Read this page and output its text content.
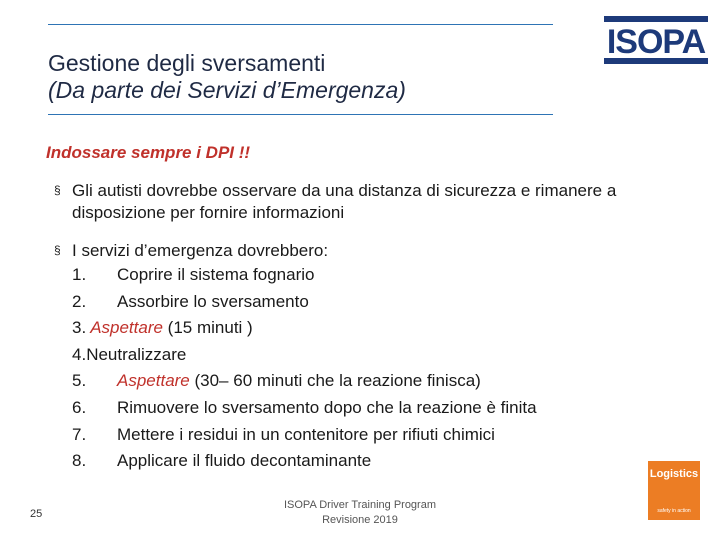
Gestione degli sversamenti
(Da parte dei Servizi d’Emergenza)
ISOPA
Indossare sempre i DPI !!
§ Gli autisti dovrebbe osservare da una distanza di sicurezza e rimanere a disposizione per fornire informazioni
§ I servizi d’emergenza dovrebbero:
1. Coprire il sistema fognario
2. Assorbire lo sversamento
3. Aspettare (15 minuti )
4.Neutralizzare
5. Aspettare (30– 60 minuti che la reazione finisca)
6. Rimuovere lo sversamento dopo che la reazione è finita
7. Mettere i residui in un contenitore per rifiuti chimici
8. Applicare il fluido decontaminante
25
ISOPA Driver Training Program
Revisione 2019
Logistics
safety in action
